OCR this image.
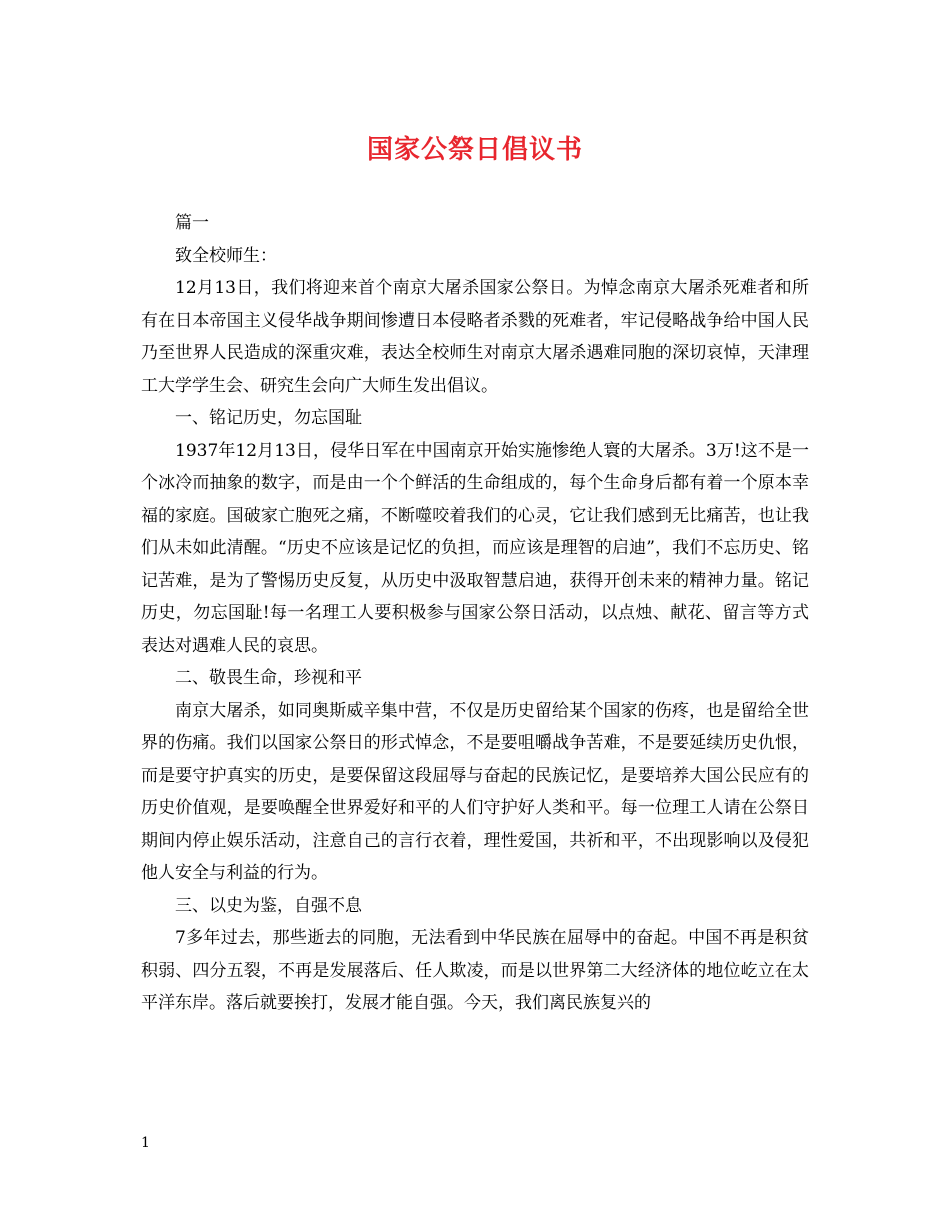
国家公祭日倡议书

篇一

致全校师生：

12月13日，我们将迎来首个南京大屠杀国家公祭日。为悼念南京大屠杀死难者和所有在日本帝国主义侵华战争期间惨遭日本侵略者杀戮的死难者，牢记侵略战争给中国人民乃至世界人民造成的深重灾难，表达全校师生对南京大屠杀遇难同胞的深切哀悼，天津理工大学学生会、研究生会向广大师生发出倡议。

一、铭记历史，勿忘国耻

1937年12月13日，侵华日军在中国南京开始实施惨绝人寰的大屠杀。3万!这不是一个冰冷而抽象的数字，而是由一个个鲜活的生命组成的，每个生命身后都有着一个原本幸福的家庭。国破家亡胞死之痛，不断噬咬着我们的心灵，它让我们感到无比痛苦，也让我们从未如此清醒。“历史不应该是记忆的负担，而应该是理智的启迪”，我们不忘历史、铭记苦难，是为了警惕历史反复，从历史中汲取智慧启迪，获得开创未来的精神力量。铭记历史，勿忘国耻!每一名理工人要积极参与国家公祭日活动，以点烛、献花、留言等方式表达对遇难人民的哀思。

二、敬畏生命，珍视和平

南京大屠杀，如同奥斯威辛集中营，不仅是历史留给某个国家的伤疼，也是留给全世界的伤痛。我们以国家公祭日的形式悼念，不是要咀嚼战争苦难，不是要延续历史仇恨，而是要守护真实的历史，是要保留这段屈辱与奋起的民族记忆，是要培养大国公民应有的历史价值观，是要唤醒全世界爱好和平的人们守护好人类和平。每一位理工人请在公祭日期间内停止娱乐活动，注意自己的言行衣着，理性爱国，共祈和平，不出现影响以及侵犯他人安全与利益的行为。

三、以史为鉴，自强不息

7多年过去，那些逝去的同胞，无法看到中华民族在屈辱中的奋起。中国不再是积贫积弱、四分五裂，不再是发展落后、任人欺凌，而是以世界第二大经济体的地位屹立在太平洋东岸。落后就要挨打，发展才能自强。今天，我们离民族复兴的

1
